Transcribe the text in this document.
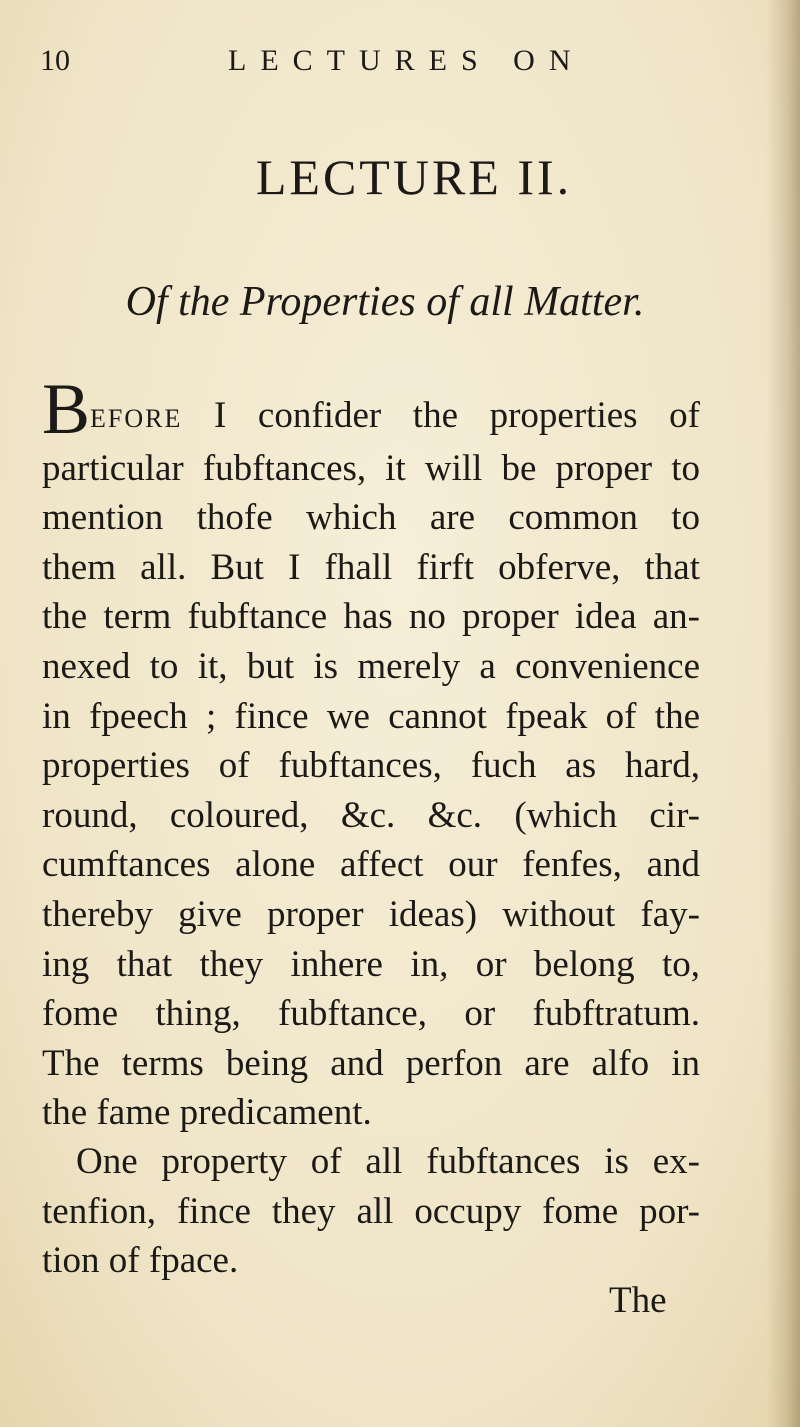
10	LECTURES ON
LECTURE II.
Of the Properties of all Matter.
BEFORE I confider the properties of
particular fubftances, it will be proper to
mention thofe which are common to
them all. But I fhall firft obferve, that
the term fubftance has no proper idea an-
nexed to it, but is merely a convenience
in fpeech ; fince we cannot fpeak of the
properties of fubftances, fuch as hard,
round, coloured, &c. &c. (which cir-
cumftances alone affect our fenfes, and
thereby give proper ideas) without fay-
ing that they inhere in, or belong to,
fome thing, fubftance, or fubftratum.
The terms being and perfon are alfo in
the fame predicament.
One property of all fubftances is ex-
tenfion, fince they all occupy fome por-
tion of fpace.
The
